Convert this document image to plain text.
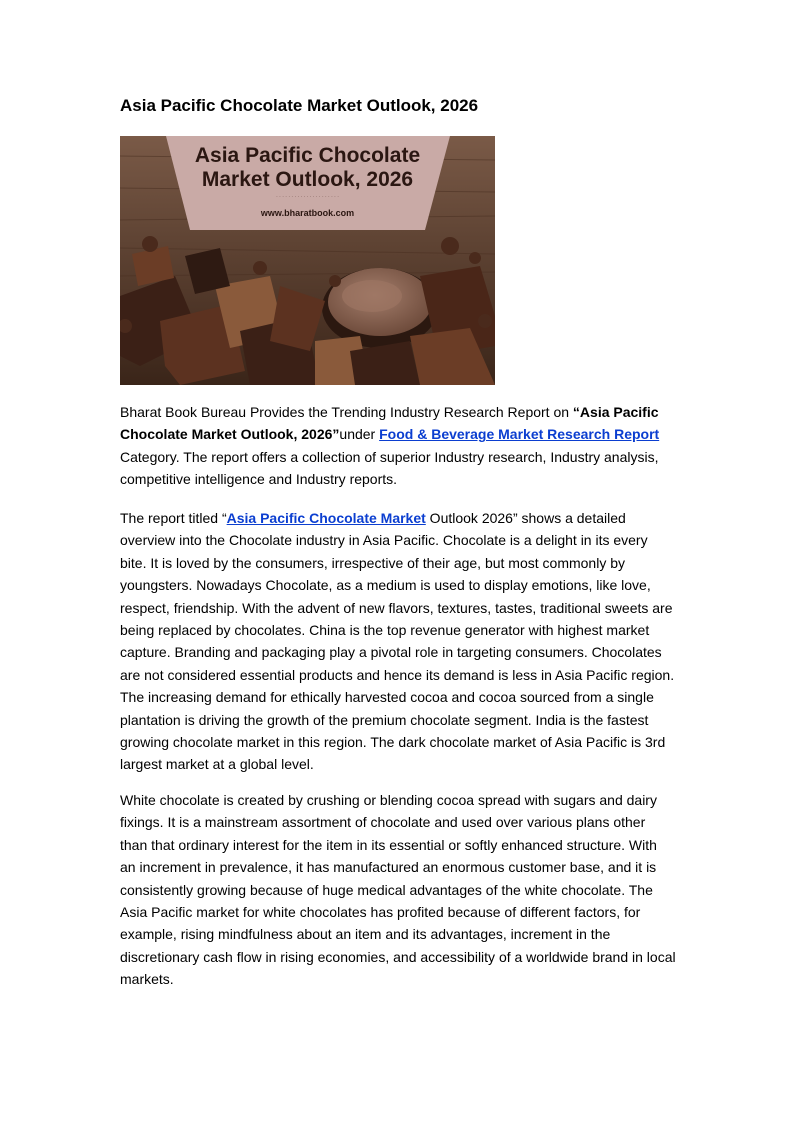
Asia Pacific Chocolate Market Outlook, 2026
Asia Pacific Chocolate
Market Outlook, 2026
· · · · · · · · · · · · · · · · · · · · ·
www.bharatbook.com

Bharat Book Bureau Provides the Trending Industry Research Report on “Asia Pacific Chocolate Market Outlook, 2026”under Food & Beverage Market Research Report Category. The report offers a collection of superior Industry research, Industry analysis, competitive intelligence and Industry reports.

The report titled “Asia Pacific Chocolate Market Outlook 2026” shows a detailed overview into the Chocolate industry in Asia Pacific. Chocolate is a delight in its every bite. It is loved by the consumers, irrespective of their age, but most commonly by youngsters. Nowadays Chocolate, as a medium is used to display emotions, like love, respect, friendship. With the advent of new flavors, textures, tastes, traditional sweets are being replaced by chocolates. China is the top revenue generator with highest market capture. Branding and packaging play a pivotal role in targeting consumers. Chocolates are not considered essential products and hence its demand is less in Asia Pacific region. The increasing demand for ethically harvested cocoa and cocoa sourced from a single plantation is driving the growth of the premium chocolate segment. India is the fastest growing chocolate market in this region. The dark chocolate market of Asia Pacific is 3rd largest market at a global level.

White chocolate is created by crushing or blending cocoa spread with sugars and dairy fixings. It is a mainstream assortment of chocolate and used over various plans other than that ordinary interest for the item in its essential or softly enhanced structure. With an increment in prevalence, it has manufactured an enormous customer base, and it is consistently growing because of huge medical advantages of the white chocolate. The Asia Pacific market for white chocolates has profited because of different factors, for example, rising mindfulness about an item and its advantages, increment in the discretionary cash flow in rising economies, and accessibility of a worldwide brand in local markets.
